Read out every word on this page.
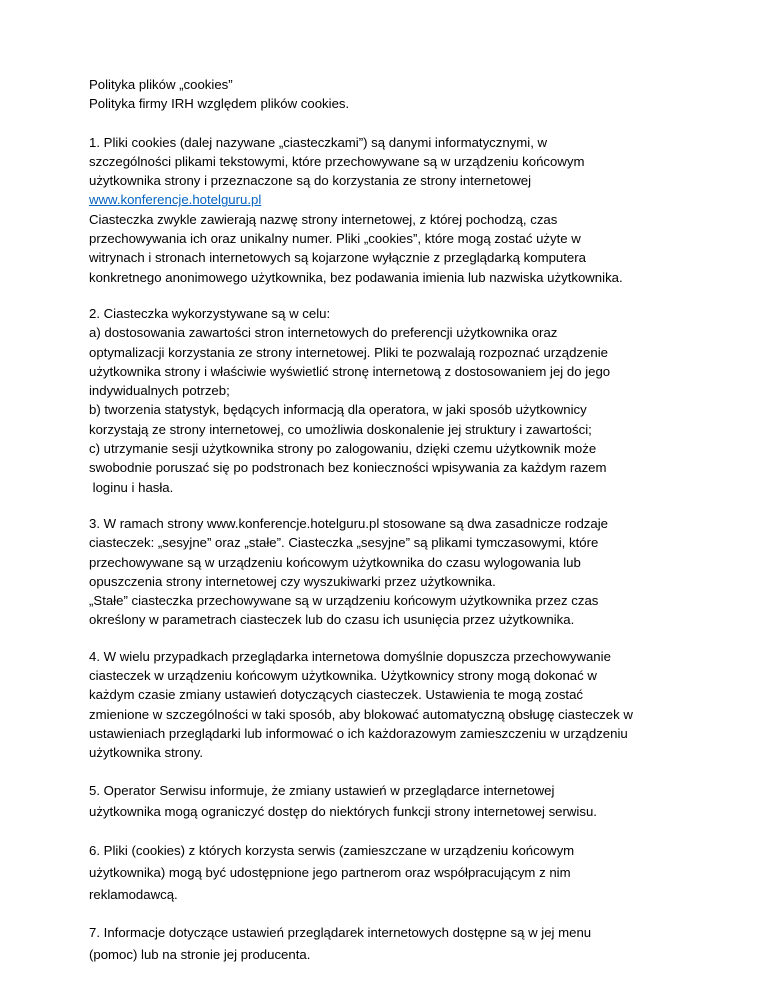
Polityka plików „cookies”
Polityka firmy IRH względem plików cookies.
1. Pliki cookies (dalej nazywane „ciasteczkami”) są danymi informatycznymi, w
szczególności plikami tekstowymi, które przechowywane są w urządzeniu końcowym
użytkownika strony i przeznaczone są do korzystania ze strony internetowej
www.konferencje.hotelguru.pl
Ciasteczka zwykle zawierają nazwę strony internetowej, z której pochodzą, czas
przechowywania ich oraz unikalny numer. Pliki „cookies”, które mogą zostać użyte w
witrynach i stronach internetowych są kojarzone wyłącznie z przeglądarką komputera
konkretnego anonimowego użytkownika, bez podawania imienia lub nazwiska użytkownika.
2. Ciasteczka wykorzystywane są w celu:
a) dostosowania zawartości stron internetowych do preferencji użytkownika oraz
optymalizacji korzystania ze strony internetowej. Pliki te pozwalają rozpoznać urządzenie
użytkownika strony i właściwie wyświetlić stronę internetową z dostosowaniem jej do jego
indywidualnych potrzeb;
b) tworzenia statystyk, będących informacją dla operatora, w jaki sposób użytkownicy
korzystają ze strony internetowej, co umożliwia doskonalenie jej struktury i zawartości;
c) utrzymanie sesji użytkownika strony po zalogowaniu, dzięki czemu użytkownik może
swobodnie poruszać się po podstronach bez konieczności wpisywania za każdym razem
loginu i hasła.
3. W ramach strony www.konferencje.hotelguru.pl stosowane są dwa zasadnicze rodzaje
ciasteczek: „sesyjne” oraz „stałe”. Ciasteczka „sesyjne” są plikami tymczasowymi, które
przechowywane są w urządzeniu końcowym użytkownika do czasu wylogowania lub
opuszczenia strony internetowej czy wyszukiwarki przez użytkownika.
„Stałe” ciasteczka przechowywane są w urządzeniu końcowym użytkownika przez czas
określony w parametrach ciasteczek lub do czasu ich usunięcia przez użytkownika.
4. W wielu przypadkach przeglądarka internetowa domyślnie dopuszcza przechowywanie
ciasteczek w urządzeniu końcowym użytkownika. Użytkownicy strony mogą dokonać w
każdym czasie zmiany ustawień dotyczących ciasteczek. Ustawienia te mogą zostać
zmienione w szczególności w taki sposób, aby blokować automatyczną obsługę ciasteczek w
ustawieniach przeglądarki lub informować o ich każdorazowym zamieszczeniu w urządzeniu
użytkownika strony.
5. Operator Serwisu informuje, że zmiany ustawień w przeglądarce internetowej
użytkownika mogą ograniczyć dostęp do niektórych funkcji strony internetowej serwisu.
6. Pliki (cookies) z których korzysta serwis (zamieszczane w urządzeniu końcowym
użytkownika) mogą być udostępnione jego partnerom oraz współpracującym z nim
reklamodawcą.
7. Informacje dotyczące ustawień przeglądarek internetowych dostępne są w jej menu
(pomoc) lub na stronie jej producenta.
